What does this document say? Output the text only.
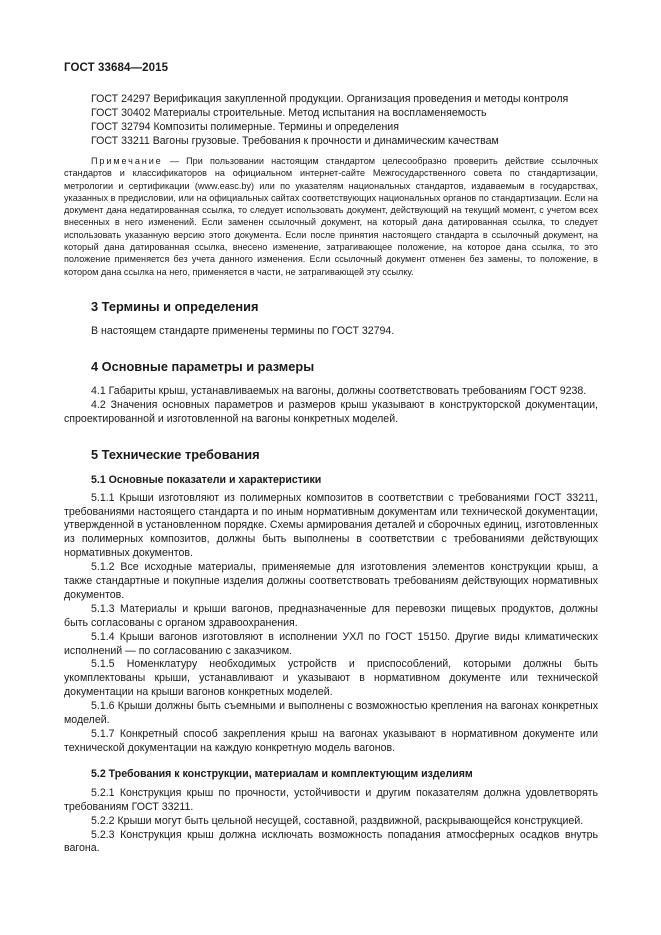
ГОСТ 33684—2015
ГОСТ 24297 Верификация закупленной продукции. Организация проведения и методы контроля
ГОСТ 30402 Материалы строительные. Метод испытания на воспламеняемость
ГОСТ 32794 Композиты полимерные. Термины и определения
ГОСТ 33211 Вагоны грузовые. Требования к прочности и динамическим качествам
Примечание — При пользовании настоящим стандартом целесообразно проверить действие ссылочных стандартов и классификаторов на официальном интернет-сайте Межгосударственного совета по стандартизации, метрологии и сертификации (www.easc.by) или по указателям национальных стандартов, издаваемым в государствах, указанных в предисловии, или на официальных сайтах соответствующих национальных органов по стандартизации. Если на документ дана недатированная ссылка, то следует использовать документ, действующий на текущий момент, с учетом всех внесенных в него изменений. Если заменен ссылочный документ, на который дана датированная ссылка, то следует использовать указанную версию этого документа. Если после принятия настоящего стандарта в ссылочный документ, на который дана датированная ссылка, внесено изменение, затрагивающее положение, на которое дана ссылка, то это положение применяется без учета данного изменения. Если ссылочный документ отменен без замены, то положение, в котором дана ссылка на него, применяется в части, не затрагивающей эту ссылку.
3 Термины и определения
В настоящем стандарте применены термины по ГОСТ 32794.
4 Основные параметры и размеры
4.1 Габариты крыш, устанавливаемых на вагоны, должны соответствовать требованиям ГОСТ 9238.
4.2 Значения основных параметров и размеров крыш указывают в конструкторской документации, спроектированной и изготовленной на вагоны конкретных моделей.
5 Технические требования
5.1 Основные показатели и характеристики
5.1.1 Крыши изготовляют из полимерных композитов в соответствии с требованиями ГОСТ 33211, требованиями настоящего стандарта и по иным нормативным документам или технической документации, утвержденной в установленном порядке. Схемы армирования деталей и сборочных единиц, изготовленных из полимерных композитов, должны быть выполнены в соответствии с требованиями действующих нормативных документов.
5.1.2 Все исходные материалы, применяемые для изготовления элементов конструкции крыш, а также стандартные и покупные изделия должны соответствовать требованиям действующих нормативных документов.
5.1.3 Материалы и крыши вагонов, предназначенные для перевозки пищевых продуктов, должны быть согласованы с органом здравоохранения.
5.1.4 Крыши вагонов изготовляют в исполнении УХЛ по ГОСТ 15150. Другие виды климатических исполнений — по согласованию с заказчиком.
5.1.5 Номенклатуру необходимых устройств и приспособлений, которыми должны быть укомплектованы крыши, устанавливают и указывают в нормативном документе или технической документации на крыши вагонов конкретных моделей.
5.1.6 Крыши должны быть съемными и выполнены с возможностью крепления на вагонах конкретных моделей.
5.1.7 Конкретный способ закрепления крыш на вагонах указывают в нормативном документе или технической документации на каждую конкретную модель вагонов.
5.2 Требования к конструкции, материалам и комплектующим изделиям
5.2.1 Конструкция крыш по прочности, устойчивости и другим показателям должна удовлетворять требованиям ГОСТ 33211.
5.2.2 Крыши могут быть цельной несущей, составной, раздвижной, раскрывающейся конструкцией.
5.2.3 Конструкция крыш должна исключать возможность попадания атмосферных осадков внутрь вагона.
